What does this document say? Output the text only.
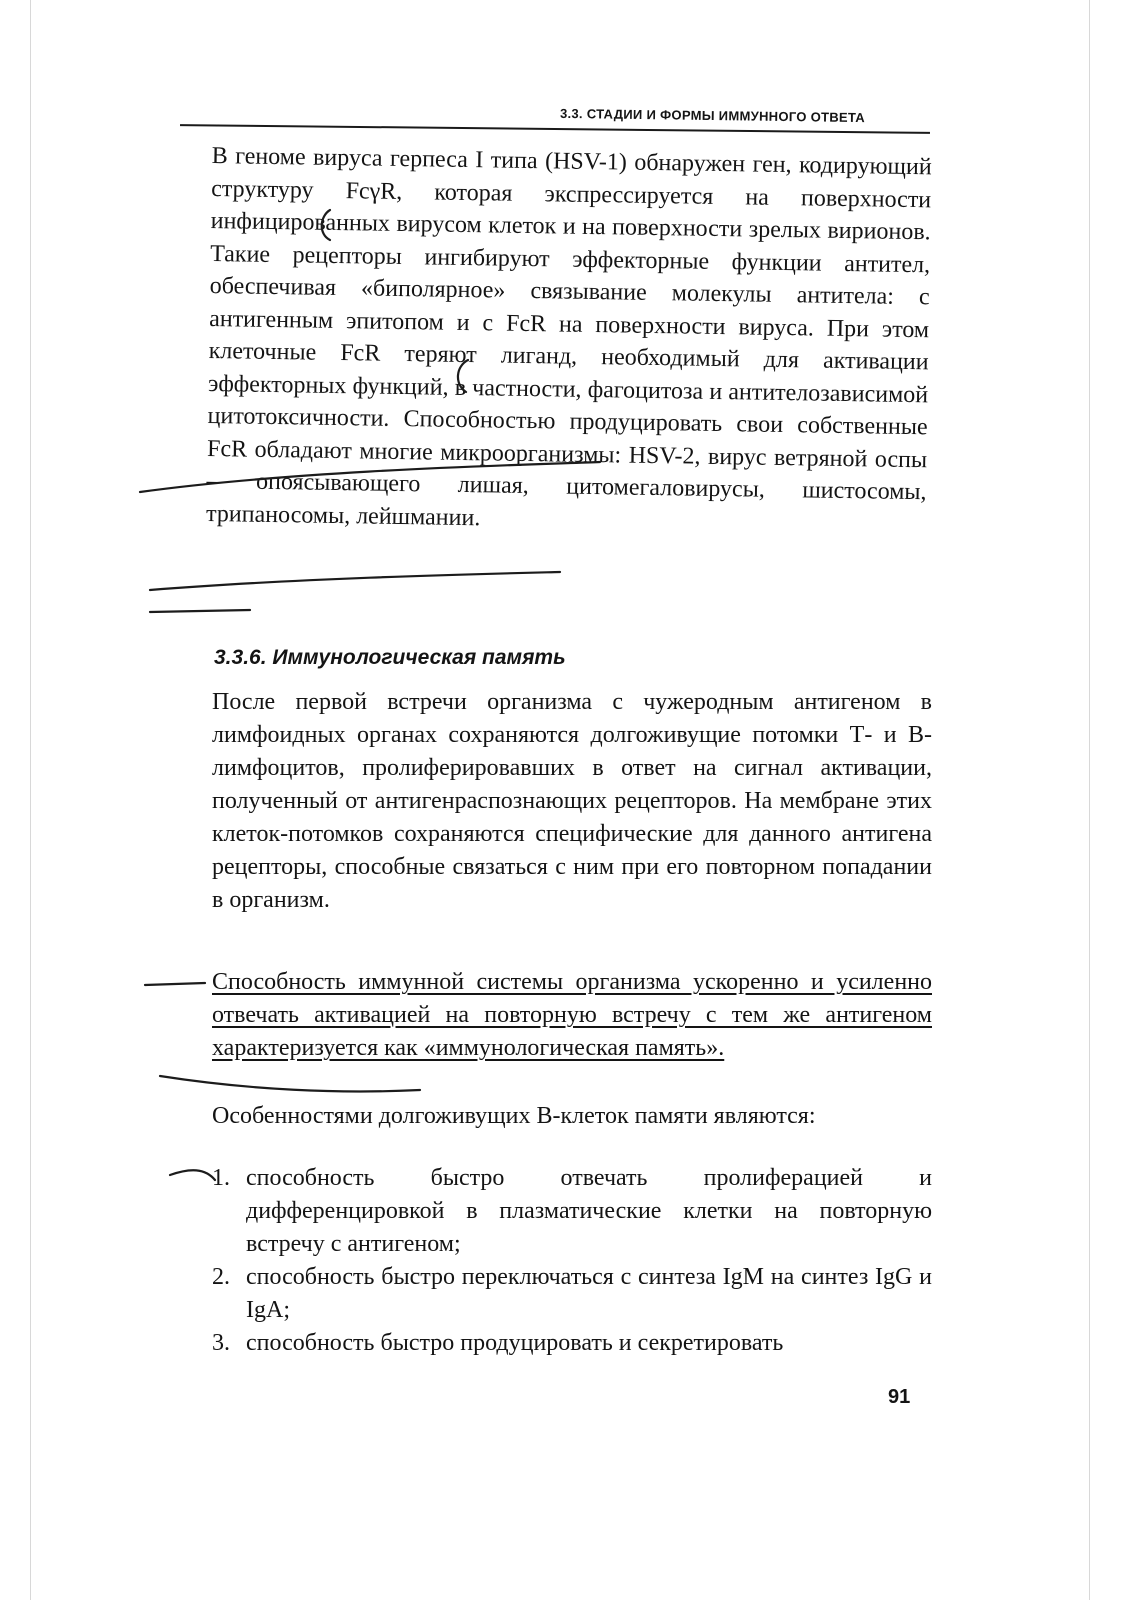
3.3. СТАДИИ И ФОРМЫ ИММУННОГО ОТВЕТА

В геноме вируса герпеса I типа (HSV-1) обнаружен ген, кодирующий структуру FcγR, которая экспрессируется на поверхности инфицированных вирусом клеток и на поверхности зрелых вирионов. Такие рецепторы ингибируют эффекторные функции антител, обеспечивая «биполярное» связывание молекулы антитела: с антигенным эпитопом и с FcR на поверхности вируса. При этом клеточные FcR теряют лиганд, необходимый для активации эффекторных функций, в частности, фагоцитоза и антителозависимой цитотоксичности. Способностью продуцировать свои собственные FcR обладают многие микроорганизмы: HSV-2, вирус ветряной оспы – опоясывающего лишая, цитомегаловирусы, шистосомы, трипаносомы, лейшмании.

3.3.6. Иммунологическая память

После первой встречи организма с чужеродным антигеном в лимфоидных органах сохраняются долгоживущие потомки Т- и В-лимфоцитов, пролиферировавших в ответ на сигнал активации, полученный от антигенраспознающих рецепторов. На мембране этих клеток-потомков сохраняются специфические для данного антигена рецепторы, способные связаться с ним при его повторном попадании в организм.

Способность иммунной системы организма ускоренно и усиленно отвечать активацией на повторную встречу с тем же антигеном характеризуется как «иммунологическая память».

Особенностями долгоживущих В-клеток памяти являются:

1. способность быстро отвечать пролиферацией и дифференцировкой в плазматические клетки на повторную встречу с антигеном;
2. способность быстро переключаться с синтеза IgM на синтез IgG и IgA;
3. способность быстро продуцировать и секретировать
91
